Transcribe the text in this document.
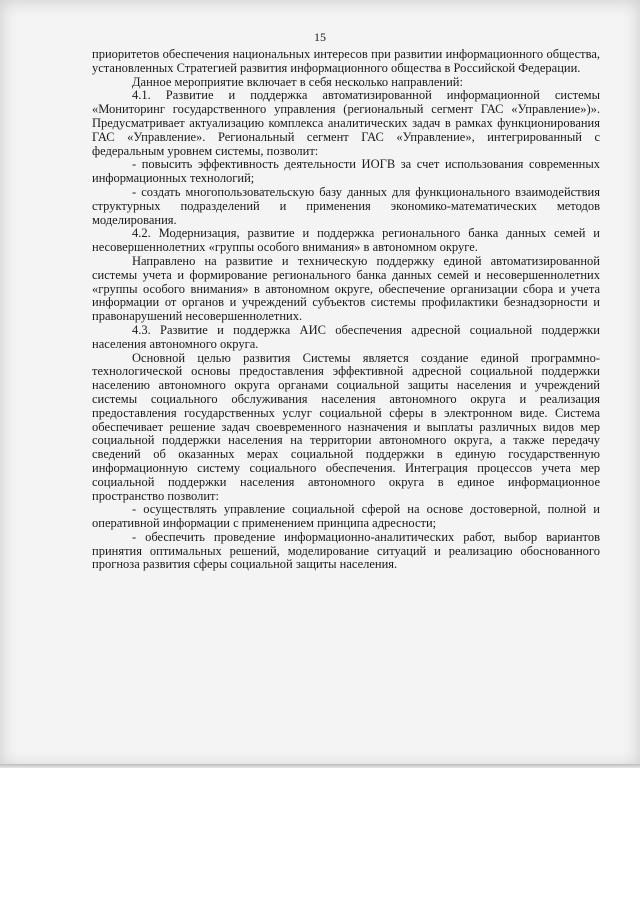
15

приоритетов обеспечения национальных интересов при развитии информационного общества, установленных Стратегией развития информационного общества в Российской Федерации.

Данное мероприятие включает в себя несколько направлений:

4.1. Развитие и поддержка автоматизированной информационной системы «Мониторинг государственного управления (региональный сегмент ГАС «Управление»)». Предусматривает актуализацию комплекса аналитических задач в рамках функционирования ГАС «Управление». Региональный сегмент ГАС «Управление», интегрированный с федеральным уровнем системы, позволит:

- повысить эффективность деятельности ИОГВ за счет использования современных информационных технологий;

- создать многопользовательскую базу данных для функционального взаимодействия структурных подразделений и применения экономико-математических методов моделирования.

4.2. Модернизация, развитие и поддержка регионального банка данных семей и несовершеннолетних «группы особого внимания» в автономном округе.

Направлено на развитие и техническую поддержку единой автоматизированной системы учета и формирование регионального банка данных семей и несовершеннолетних «группы особого внимания» в автономном округе, обеспечение организации сбора и учета информации от органов и учреждений субъектов системы профилактики безнадзорности и правонарушений несовершеннолетних.

4.3. Развитие и поддержка АИС обеспечения адресной социальной поддержки населения автономного округа.

Основной целью развития Системы является создание единой программно-технологической основы предоставления эффективной адресной социальной поддержки населению автономного округа органами социальной защиты населения и учреждений системы социального обслуживания населения автономного округа и реализация предоставления государственных услуг социальной сферы в электронном виде. Система обеспечивает решение задач своевременного назначения и выплаты различных видов мер социальной поддержки населения на территории автономного округа, а также передачу сведений об оказанных мерах социальной поддержки в единую государственную информационную систему социального обеспечения. Интеграция процессов учета мер социальной поддержки населения автономного округа в единое информационное пространство позволит:

- осуществлять управление социальной сферой на основе достоверной, полной и оперативной информации с применением принципа адресности;

- обеспечить проведение информационно-аналитических работ, выбор вариантов принятия оптимальных решений, моделирование ситуаций и реализацию обоснованного прогноза развития сферы социальной защиты населения.
